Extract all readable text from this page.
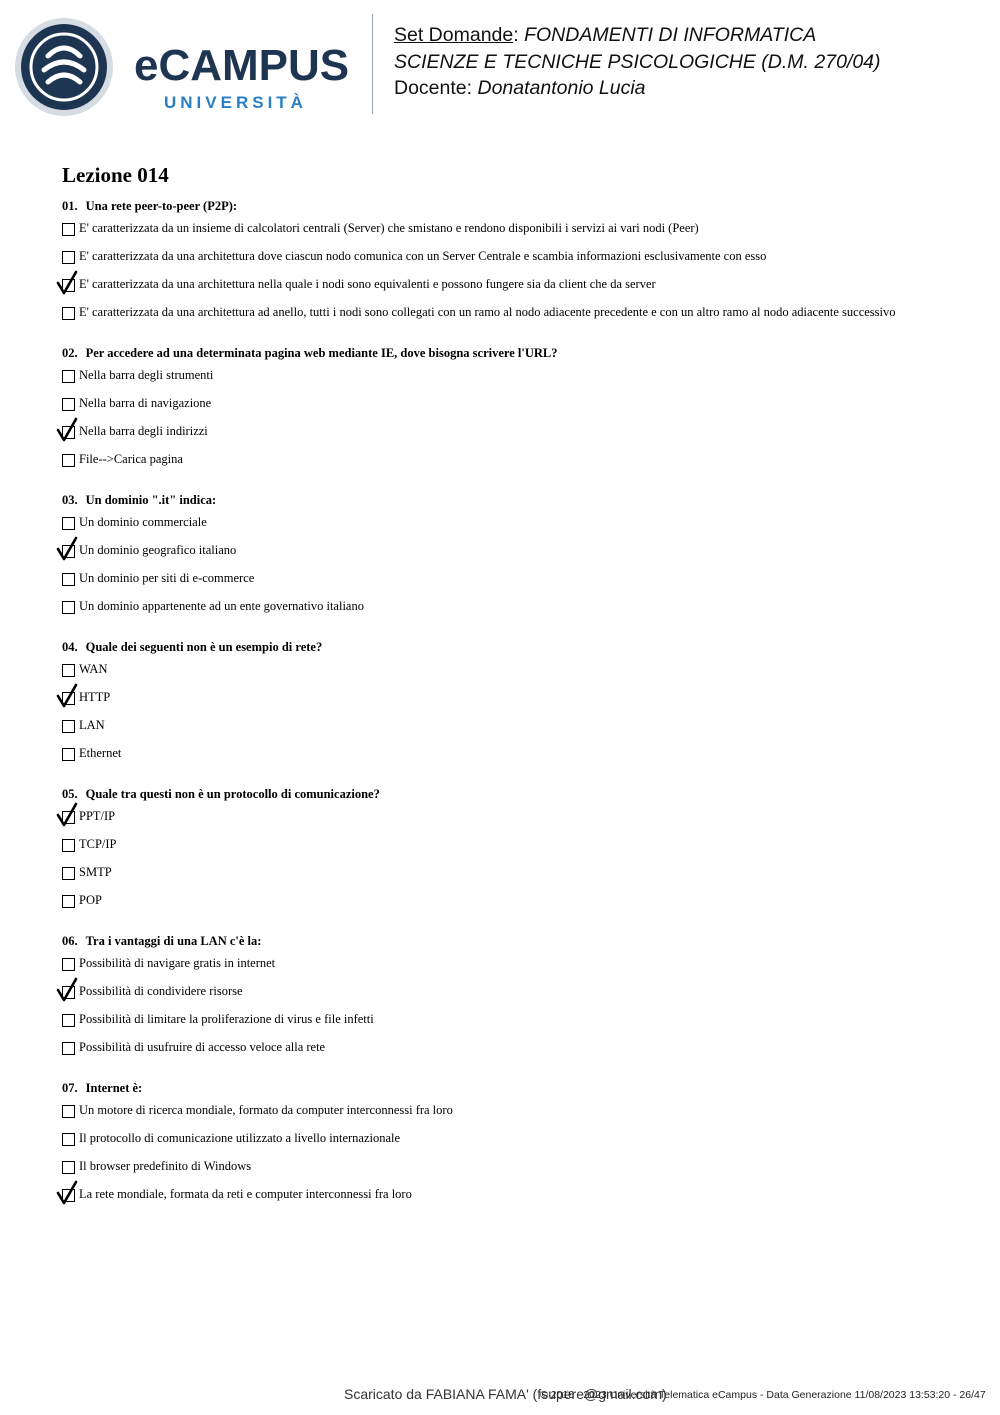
eCAMPUS
UNIVERSITÀ
Set Domande: FONDAMENTI DI INFORMATICA
SCIENZE E TECNICHE PSICOLOGICHE (D.M. 270/04)
Docente: Donatantonio Lucia
Lezione 014
01. Una rete peer-to-peer (P2P):
E' caratterizzata da un insieme di calcolatori centrali (Server) che smistano e rendono disponibili i servizi ai vari nodi (Peer)
E' caratterizzata da una architettura dove ciascun nodo comunica con un Server Centrale e scambia informazioni esclusivamente con esso
E' caratterizzata da una architettura nella quale i nodi sono equivalenti e possono fungere sia da client che da server
E' caratterizzata da una architettura ad anello, tutti i nodi sono collegati con un ramo al nodo adiacente precedente e con un altro ramo al nodo adiacente successivo
02. Per accedere ad una determinata pagina web mediante IE, dove bisogna scrivere l'URL?
Nella barra degli strumenti
Nella barra di navigazione
Nella barra degli indirizzi
File-->Carica pagina
03. Un dominio ".it" indica:
Un dominio commerciale
Un dominio geografico italiano
Un dominio per siti di e-commerce
Un dominio appartenente ad un ente governativo italiano
04. Quale dei seguenti non è un esempio di rete?
WAN
HTTP
LAN
Ethernet
05. Quale tra questi non è un protocollo di comunicazione?
PPT/IP
TCP/IP
SMTP
POP
06. Tra i vantaggi di una LAN c'è la:
Possibilità di navigare gratis in internet
Possibilità di condividere risorse
Possibilità di limitare la proliferazione di virus e file infetti
Possibilità di usufruire di accesso veloce alla rete
07. Internet è:
Un motore di ricerca mondiale, formato da computer interconnessi fra loro
Il protocollo di comunicazione utilizzato a livello internazionale
Il browser predefinito di Windows
La rete mondiale, formata da reti e computer interconnessi fra loro
Scaricato da FABIANA FAMA' (fsupere@gmail.com)
© 2016 - 2023 Università Telematica eCampus - Data Generazione 11/08/2023 13:53:20 - 26/47
